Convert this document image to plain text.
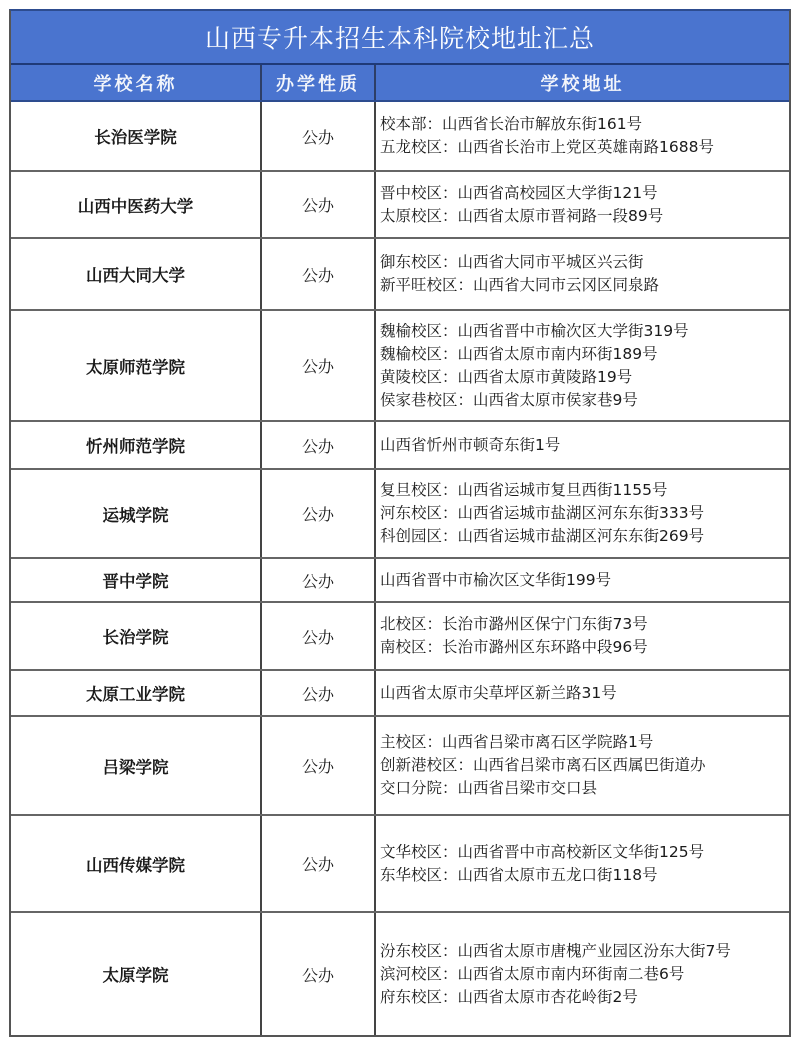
山西专升本招生本科院校地址汇总
学校名称	办学性质	学校地址
长治医学院	公办
校本部：山西省长治市解放东街161号
五龙校区：山西省长治市上党区英雄南路1688号
山西中医药大学	公办
晋中校区：山西省高校园区大学街121号
太原校区：山西省太原市晋祠路一段89号
山西大同大学	公办
御东校区：山西省大同市平城区兴云街
新平旺校区：山西省大同市云冈区同泉路
太原师范学院	公办
魏榆校区：山西省晋中市榆次区大学街319号
魏榆校区：山西省太原市南内环街189号
黄陵校区：山西省太原市黄陵路19号
侯家巷校区：山西省太原市侯家巷9号
忻州师范学院	公办	山西省忻州市顿奇东街1号
运城学院	公办
复旦校区：山西省运城市复旦西街1155号
河东校区：山西省运城市盐湖区河东东街333号
科创园区：山西省运城市盐湖区河东东街269号
晋中学院	公办	山西省晋中市榆次区文华街199号
长治学院	公办
北校区：长治市潞州区保宁门东街73号
南校区：长治市潞州区东环路中段96号
太原工业学院	公办	山西省太原市尖草坪区新兰路31号
吕梁学院	公办
主校区：山西省吕梁市离石区学院路1号
创新港校区：山西省吕梁市离石区西属巴街道办
交口分院：山西省吕梁市交口县
山西传媒学院	公办
文华校区：山西省晋中市高校新区文华街125号
东华校区：山西省太原市五龙口街118号
太原学院	公办
汾东校区：山西省太原市唐槐产业园区汾东大街7号
滨河校区：山西省太原市南内环街南二巷6号
府东校区：山西省太原市杏花岭街2号
